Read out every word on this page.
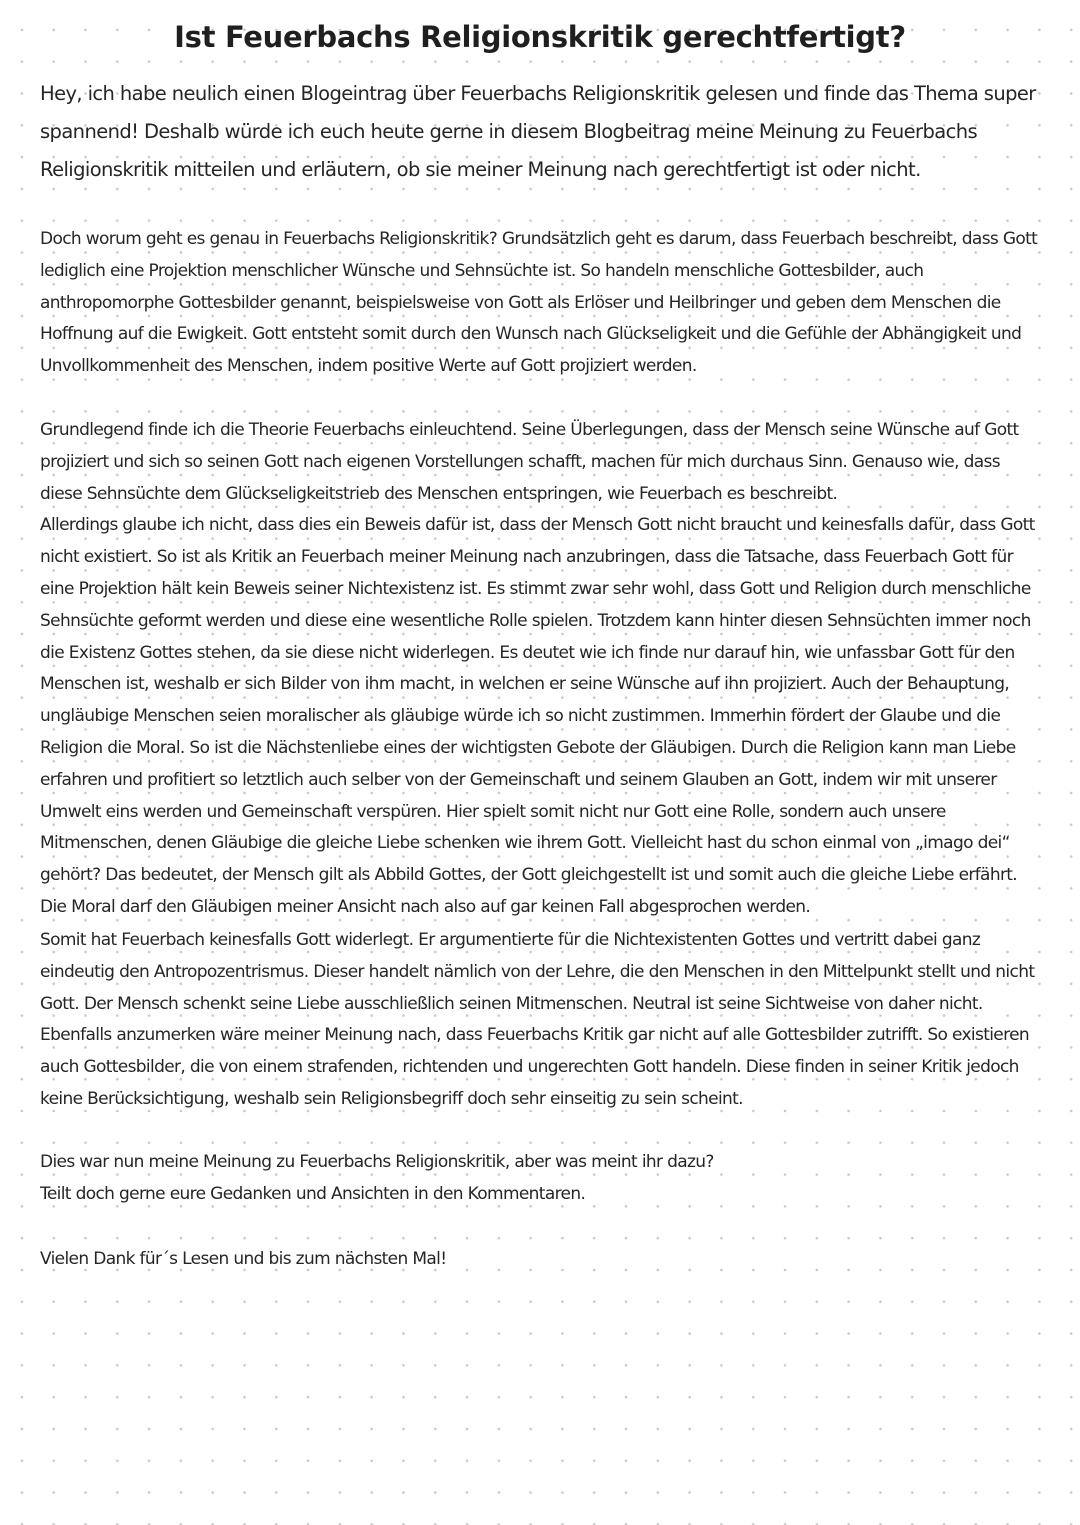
Ist Feuerbachs Religionskritik gerechtfertigt?

Hey, ich habe neulich einen Blogeintrag über Feuerbachs Religionskritik gelesen und finde das Thema super spannend! Deshalb würde ich euch heute gerne in diesem Blogbeitrag meine Meinung zu Feuerbachs Religionskritik mitteilen und erläutern, ob sie meiner Meinung nach gerechtfertigt ist oder nicht.

Doch worum geht es genau in Feuerbachs Religionskritik? Grundsätzlich geht es darum, dass Feuerbach beschreibt, dass Gott lediglich eine Projektion menschlicher Wünsche und Sehnsüchte ist. So handeln menschliche Gottesbilder, auch anthropomorphe Gottesbilder genannt, beispielsweise von Gott als Erlöser und Heilbringer und geben dem Menschen die Hoffnung auf die Ewigkeit. Gott entsteht somit durch den Wunsch nach Glückseligkeit und die Gefühle der Abhängigkeit und Unvollkommenheit des Menschen, indem positive Werte auf Gott projiziert werden.

Grundlegend finde ich die Theorie Feuerbachs einleuchtend. Seine Überlegungen, dass der Mensch seine Wünsche auf Gott projiziert und sich so seinen Gott nach eigenen Vorstellungen schafft, machen für mich durchaus Sinn. Genauso wie, dass diese Sehnsüchte dem Glückseligkeitstrieb des Menschen entspringen, wie Feuerbach es beschreibt.
Allerdings glaube ich nicht, dass dies ein Beweis dafür ist, dass der Mensch Gott nicht braucht und keinesfalls dafür, dass Gott nicht existiert. So ist als Kritik an Feuerbach meiner Meinung nach anzubringen, dass die Tatsache, dass Feuerbach Gott für eine Projektion hält kein Beweis seiner Nichtexistenz ist. Es stimmt zwar sehr wohl, dass Gott und Religion durch menschliche Sehnsüchte geformt werden und diese eine wesentliche Rolle spielen. Trotzdem kann hinter diesen Sehnsüchten immer noch die Existenz Gottes stehen, da sie diese nicht widerlegen. Es deutet wie ich finde nur darauf hin, wie unfassbar Gott für den Menschen ist, weshalb er sich Bilder von ihm macht, in welchen er seine Wünsche auf ihn projiziert. Auch der Behauptung, ungläubige Menschen seien moralischer als gläubige würde ich so nicht zustimmen. Immerhin fördert der Glaube und die Religion die Moral. So ist die Nächstenliebe eines der wichtigsten Gebote der Gläubigen. Durch die Religion kann man Liebe erfahren und profitiert so letztlich auch selber von der Gemeinschaft und seinem Glauben an Gott, indem wir mit unserer Umwelt eins werden und Gemeinschaft verspüren. Hier spielt somit nicht nur Gott eine Rolle, sondern auch unsere Mitmenschen, denen Gläubige die gleiche Liebe schenken wie ihrem Gott. Vielleicht hast du schon einmal von „imago dei“ gehört? Das bedeutet, der Mensch gilt als Abbild Gottes, der Gott gleichgestellt ist und somit auch die gleiche Liebe erfährt. Die Moral darf den Gläubigen meiner Ansicht nach also auf gar keinen Fall abgesprochen werden.

Somit hat Feuerbach keinesfalls Gott widerlegt. Er argumentierte für die Nichtexistenten Gottes und vertritt dabei ganz eindeutig den Antropozentrismus. Dieser handelt nämlich von der Lehre, die den Menschen in den Mittelpunkt stellt und nicht Gott. Der Mensch schenkt seine Liebe ausschließlich seinen Mitmenschen. Neutral ist seine Sichtweise von daher nicht.
Ebenfalls anzumerken wäre meiner Meinung nach, dass Feuerbachs Kritik gar nicht auf alle Gottesbilder zutrifft. So existieren auch Gottesbilder, die von einem strafenden, richtenden und ungerechten Gott handeln. Diese finden in seiner Kritik jedoch keine Berücksichtigung, weshalb sein Religionsbegriff doch sehr einseitig zu sein scheint.

Dies war nun meine Meinung zu Feuerbachs Religionskritik, aber was meint ihr dazu?
Teilt doch gerne eure Gedanken und Ansichten in den Kommentaren.

Vielen Dank für´s Lesen und bis zum nächsten Mal!
